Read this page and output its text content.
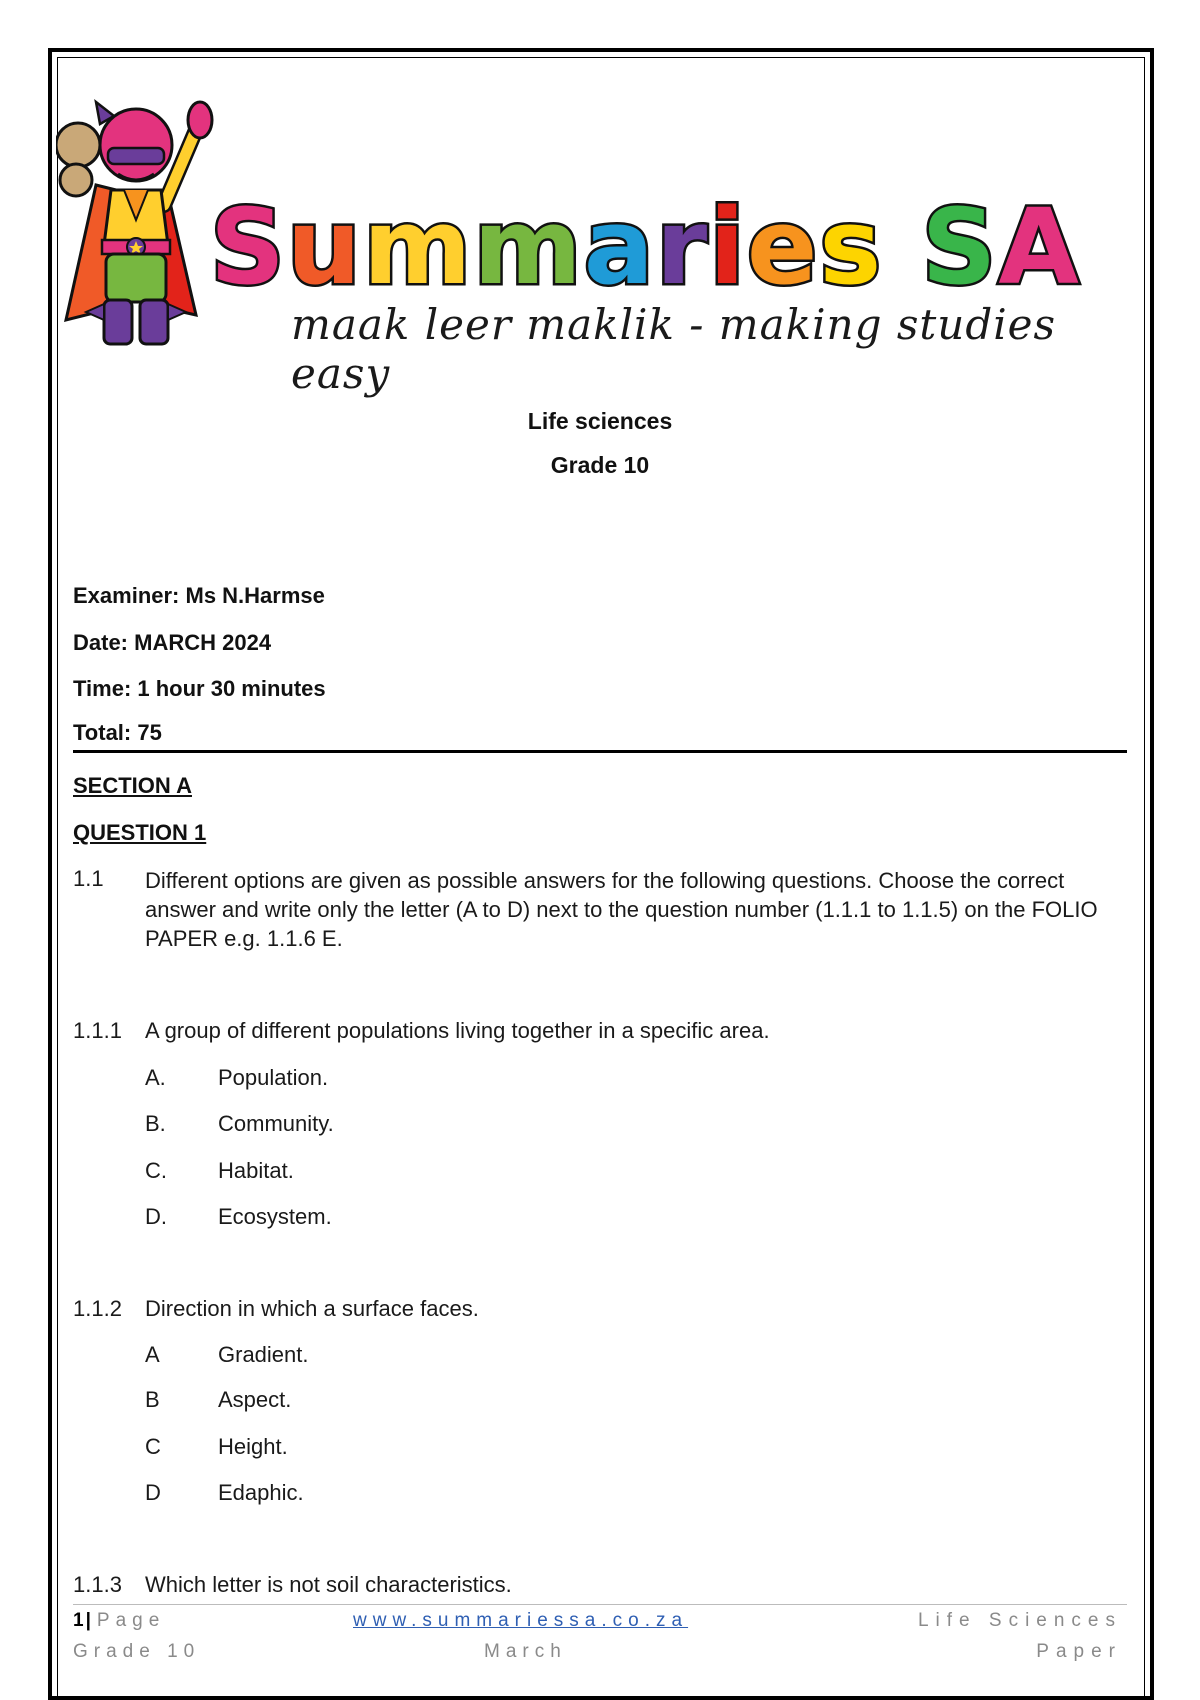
Summaries SA
maak leer maklik - making studies easy
Life sciences
Grade 10
Examiner: Ms N.Harmse
Date: MARCH 2024
Time: 1 hour 30 minutes
Total: 75
SECTION A
QUESTION 1
1.1 Different options are given as possible answers for the following questions. Choose the correct answer and write only the letter (A to D) next to the question number (1.1.1 to 1.1.5) on the FOLIO PAPER e.g. 1.1.6 E.
1.1.1 A group of different populations living together in a specific area.
A. Population.
B. Community.
C. Habitat.
D. Ecosystem.
1.1.2 Direction in which a surface faces.
A	Gradient.
B	Aspect.
C	Height.
D	Edaphic.
1.1.3 Which letter is not soil characteristics.
1 | Page
Grade 10
www.summariessa.co.za
March
Life Sciences
Paper
